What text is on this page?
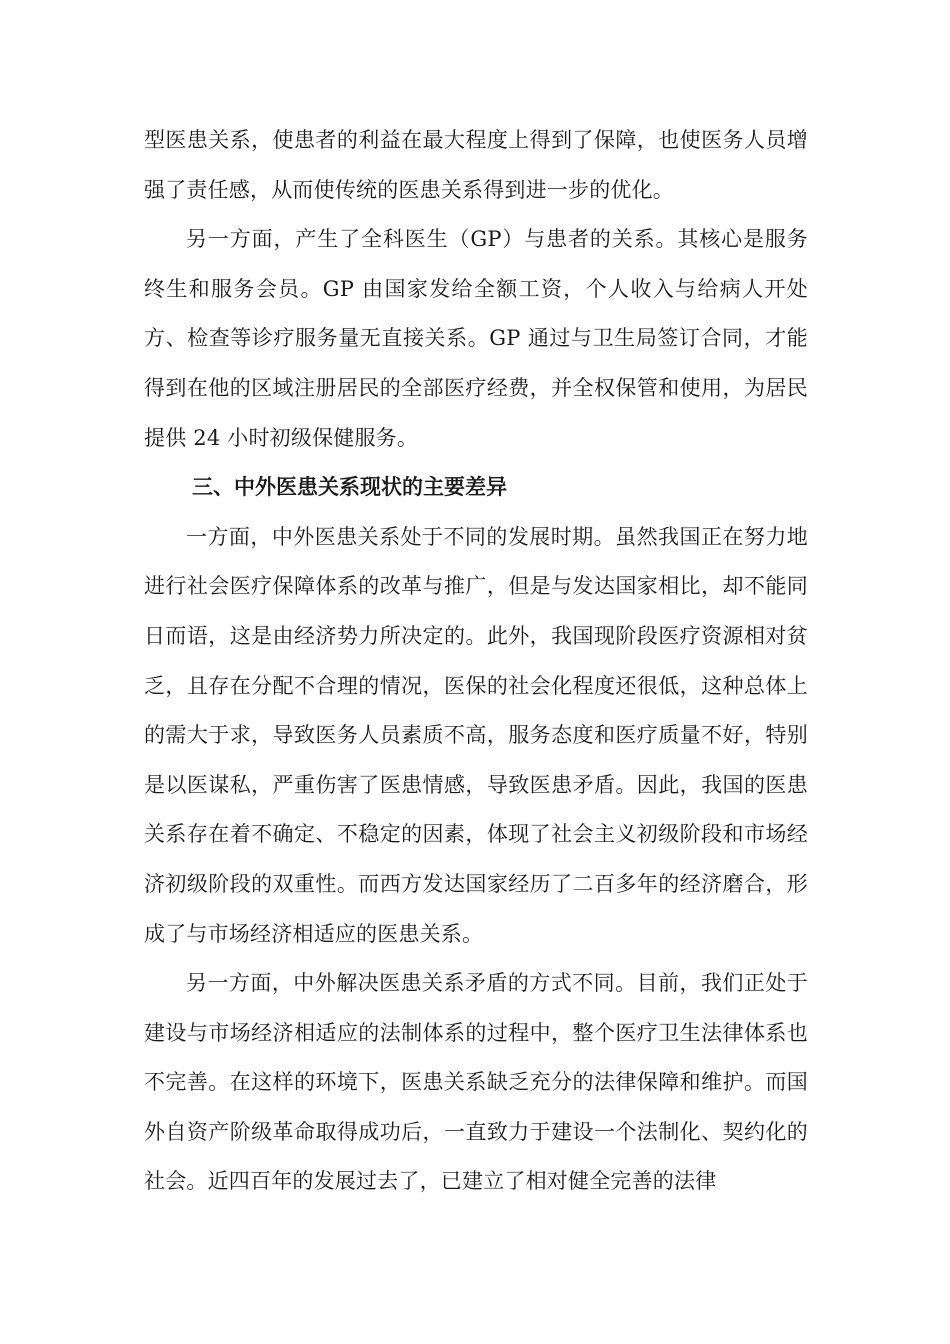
型医患关系，使患者的利益在最大程度上得到了保障，也使医务人员增强了责任感，从而使传统的医患关系得到进一步的优化。

另一方面，产生了全科医生（GP）与患者的关系。其核心是服务终生和服务会员。GP 由国家发给全额工资，个人收入与给病人开处方、检查等诊疗服务量无直接关系。GP 通过与卫生局签订合同，才能得到在他的区域注册居民的全部医疗经费，并全权保管和使用，为居民提供 24 小时初级保健服务。

三、中外医患关系现状的主要差异

一方面，中外医患关系处于不同的发展时期。虽然我国正在努力地进行社会医疗保障体系的改革与推广，但是与发达国家相比，却不能同日而语，这是由经济势力所决定的。此外，我国现阶段医疗资源相对贫乏，且存在分配不合理的情况，医保的社会化程度还很低，这种总体上的需大于求，导致医务人员素质不高，服务态度和医疗质量不好，特别是以医谋私，严重伤害了医患情感，导致医患矛盾。因此，我国的医患关系存在着不确定、不稳定的因素，体现了社会主义初级阶段和市场经济初级阶段的双重性。而西方发达国家经历了二百多年的经济磨合，形成了与市场经济相适应的医患关系。

另一方面，中外解决医患关系矛盾的方式不同。目前，我们正处于建设与市场经济相适应的法制体系的过程中，整个医疗卫生法律体系也不完善。在这样的环境下，医患关系缺乏充分的法律保障和维护。而国外自资产阶级革命取得成功后，一直致力于建设一个法制化、契约化的社会。近四百年的发展过去了，已建立了相对健全完善的法律
